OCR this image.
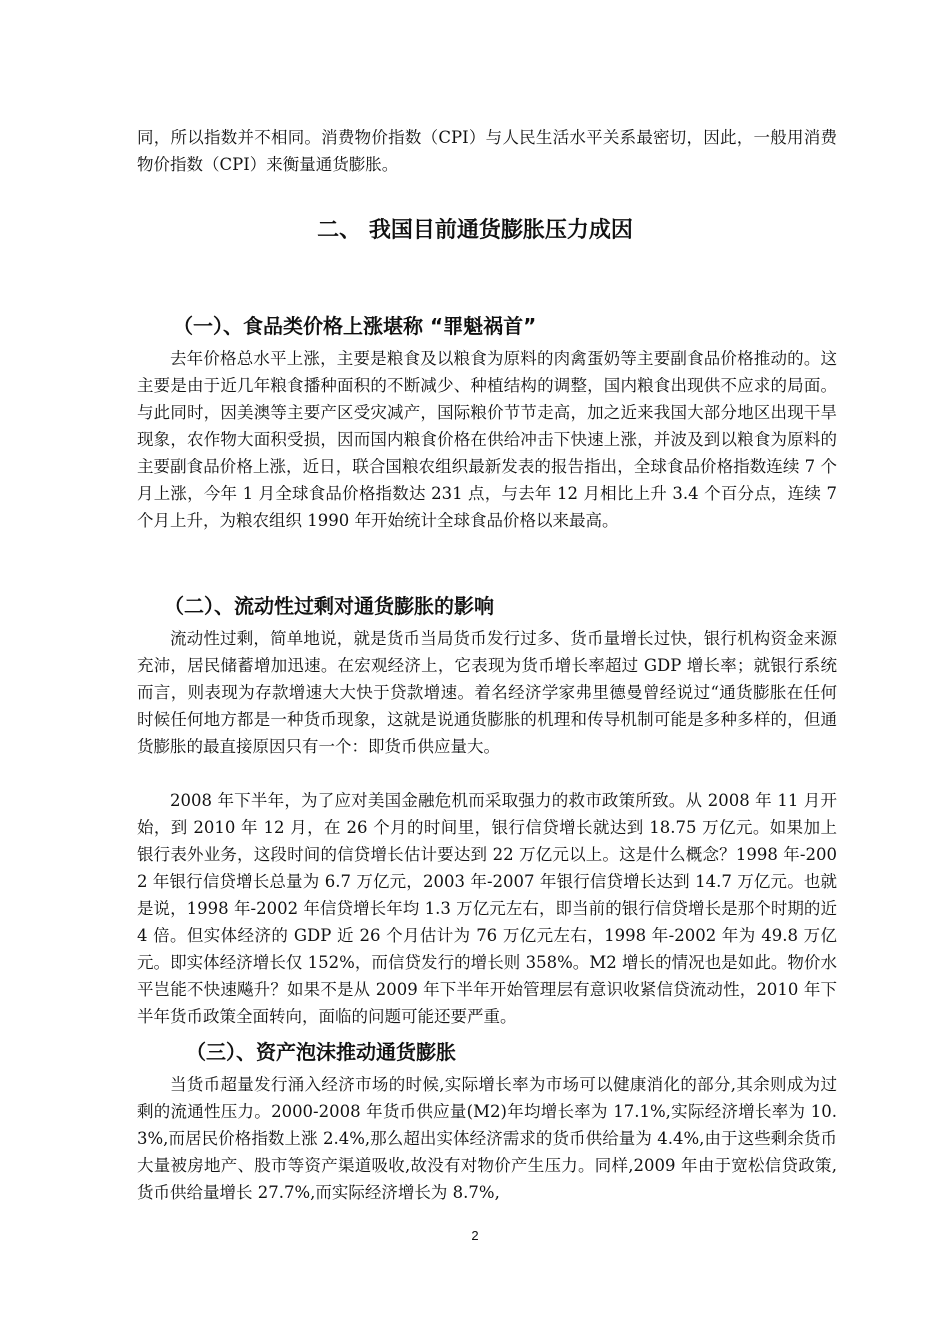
同，所以指数并不相同。消费物价指数（CPI）与人民生活水平关系最密切，因此，一般用消费物价指数（CPI）来衡量通货膨胀。

二、 我国目前通货膨胀压力成因
（一）、食品类价格上涨堪称 “罪魁祸首”

去年价格总水平上涨，主要是粮食及以粮食为原料的肉禽蛋奶等主要副食品价格推动的。这主要是由于近几年粮食播种面积的不断减少、种植结构的调整，国内粮食出现供不应求的局面。与此同时，因美澳等主要产区受灾减产，国际粮价节节走高，加之近来我国大部分地区出现干旱现象，农作物大面积受损，因而国内粮食价格在供给冲击下快速上涨，并波及到以粮食为原料的主要副食品价格上涨，近日，联合国粮农组织最新发表的报告指出，全球食品价格指数连续 7 个月上涨，今年 1 月全球食品价格指数达 231 点，与去年 12 月相比上升 3.4 个百分点，连续 7 个月上升，为粮农组织 1990 年开始统计全球食品价格以来最高。

（二）、流动性过剩对通货膨胀的影响

流动性过剩，简单地说，就是货币当局货币发行过多、货币量增长过快，银行机构资金来源充沛，居民储蓄增加迅速。在宏观经济上，它表现为货币增长率超过 GDP 增长率；就银行系统而言，则表现为存款增速大大快于贷款增速。着名经济学家弗里德曼曾经说过“通货膨胀在任何时候任何地方都是一种货币现象，这就是说通货膨胀的机理和传导机制可能是多种多样的，但通货膨胀的最直接原因只有一个：即货币供应量大。

2008 年下半年，为了应对美国金融危机而采取强力的救市政策所致。从 2008 年 11 月开始，到 2010 年 12 月，在 26 个月的时间里，银行信贷增长就达到 18.75 万亿元。如果加上银行表外业务，这段时间的信贷增长估计要达到 22 万亿元以上。这是什么概念？1998 年-2002 年银行信贷增长总量为 6.7 万亿元，2003 年-2007 年银行信贷增长达到 14.7 万亿元。也就是说，1998 年-2002 年信贷增长年均 1.3 万亿元左右，即当前的银行信贷增长是那个时期的近 4 倍。但实体经济的 GDP 近 26 个月估计为 76 万亿元左右，1998 年-2002 年为 49.8 万亿元。即实体经济增长仅 152%，而信贷发行的增长则 358%。M2 增长的情况也是如此。物价水平岂能不快速飚升？如果不是从 2009 年下半年开始管理层有意识收紧信贷流动性，2010 年下半年货币政策全面转向，面临的问题可能还要严重。

（三）、资产泡沫推动通货膨胀

当货币超量发行涌入经济市场的时候,实际增长率为市场可以健康消化的部分,其余则成为过剩的流通性压力。2000-2008 年货币供应量(M2)年均增长率为 17.1%,实际经济增长率为 10.3%,而居民价格指数上涨 2.4%,那么超出实体经济需求的货币供给量为 4.4%,由于这些剩余货币大量被房地产、股市等资产渠道吸收,故没有对物价产生压力。同样,2009 年由于宽松信贷政策,货币供给量增长 27.7%,而实际经济增长为 8.7%,

2
